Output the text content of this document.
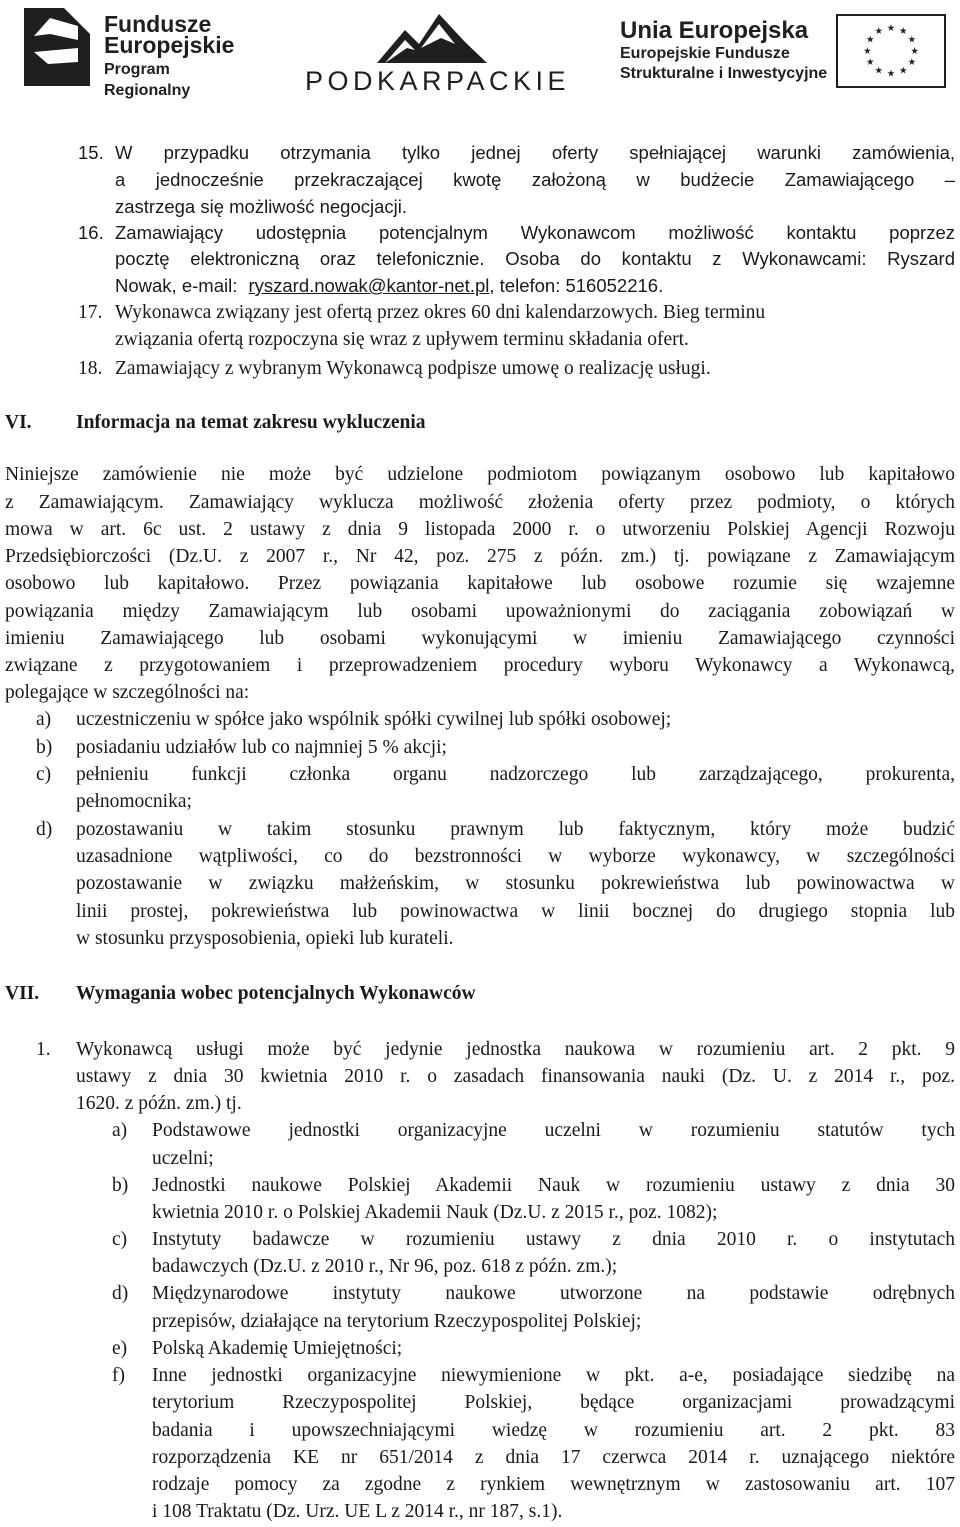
Fundusze
Europejskie
Program Regionalny	PODKARPACKIE
Unia Europejska
Europejskie Fundusze
Strukturalne i Inwestycyjne
★ ★
★
★
★
★
★
★
★
★
★
★
15. W przypadku otrzymania tylko jednej oferty spełniającej warunki zamówienia,
a jednocześnie przekraczającej kwotę założoną w budżecie Zamawiającego –
zastrzega się możliwość negocjacji.
16. Zamawiający udostępnia potencjalnym Wykonawcom możliwość kontaktu poprzez
pocztę elektroniczną oraz telefonicznie. Osoba do kontaktu z Wykonawcami: Ryszard
Nowak, e-mail: ryszard.nowak@kantor-net.pl, telefon: 516052216.
17. Wykonawca związany jest ofertą przez okres 60 dni kalendarzowych. Bieg terminu
związania ofertą rozpoczyna się wraz z upływem terminu składania ofert.
18. Zamawiający z wybranym Wykonawcą podpisze umowę o realizację usługi.
VI. Informacja na temat zakresu wykluczenia
Niniejsze zamówienie nie może być udzielone podmiotom powiązanym osobowo lub kapitałowo
z Zamawiającym. Zamawiający wyklucza możliwość złożenia oferty przez podmioty, o których
mowa w art. 6c ust. 2 ustawy z dnia 9 listopada 2000 r. o utworzeniu Polskiej Agencji Rozwoju
Przedsiębiorczości (Dz.U. z 2007 r., Nr 42, poz. 275 z późn. zm.) tj. powiązane z Zamawiającym
osobowo lub kapitałowo. Przez powiązania kapitałowe lub osobowe rozumie się wzajemne
powiązania między Zamawiającym lub osobami upoważnionymi do zaciągania zobowiązań w
imieniu Zamawiającego lub osobami wykonującymi w imieniu Zamawiającego czynności
związane z przygotowaniem i przeprowadzeniem procedury wyboru Wykonawcy a Wykonawcą,
polegające w szczególności na:
a) uczestniczeniu w spółce jako wspólnik spółki cywilnej lub spółki osobowej;
b) posiadaniu udziałów lub co najmniej 5 % akcji;
c) pełnieniu funkcji członka organu nadzorczego lub zarządzającego, prokurenta,
pełnomocnika;
d) pozostawaniu w takim stosunku prawnym lub faktycznym, który może budzić
uzasadnione wątpliwości, co do bezstronności w wyborze wykonawcy, w szczególności
pozostawanie w związku małżeńskim, w stosunku pokrewieństwa lub powinowactwa w
linii prostej, pokrewieństwa lub powinowactwa w linii bocznej do drugiego stopnia lub
w stosunku przysposobienia, opieki lub kurateli.
VII. Wymagania wobec potencjalnych Wykonawców
1. Wykonawcą usługi może być jedynie jednostka naukowa w rozumieniu art. 2 pkt. 9
ustawy z dnia 30 kwietnia 2010 r. o zasadach finansowania nauki (Dz. U. z 2014 r., poz.
1620. z późn. zm.) tj.
a) Podstawowe jednostki organizacyjne uczelni w rozumieniu statutów tych
uczelni;
b) Jednostki naukowe Polskiej Akademii Nauk w rozumieniu ustawy z dnia 30
kwietnia 2010 r. o Polskiej Akademii Nauk (Dz.U. z 2015 r., poz. 1082);
c) Instytuty badawcze w rozumieniu ustawy z dnia 2010 r. o instytutach
badawczych (Dz.U. z 2010 r., Nr 96, poz. 618 z późn. zm.);
d) Międzynarodowe instytuty naukowe utworzone na podstawie odrębnych
przepisów, działające na terytorium Rzeczypospolitej Polskiej;
e) Polską Akademię Umiejętności;
f) Inne jednostki organizacyjne niewymienione w pkt. a-e, posiadające siedzibę na
terytorium Rzeczypospolitej Polskiej, będące organizacjami prowadzącymi
badania i upowszechniającymi wiedzę w rozumieniu art. 2 pkt. 83
rozporządzenia KE nr 651/2014 z dnia 17 czerwca 2014 r. uznającego niektóre
rodzaje pomocy za zgodne z rynkiem wewnętrznym w zastosowaniu art. 107
i 108 Traktatu (Dz. Urz. UE L z 2014 r., nr 187, s.1).
